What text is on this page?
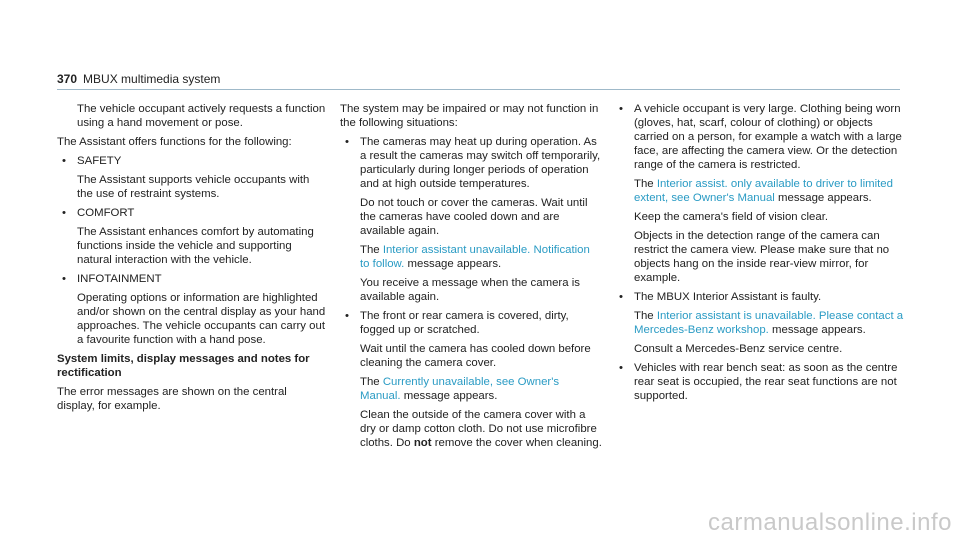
370 MBUX multimedia system

The vehicle occupant actively requests a function using a hand movement or pose.

The Assistant offers functions for the following:

• SAFETY

The Assistant supports vehicle occupants with the use of restraint systems.

• COMFORT

The Assistant enhances comfort by automating functions inside the vehicle and supporting natural interaction with the vehicle.

• INFOTAINMENT

Operating options or information are highlighted and/or shown on the central display as your hand approaches. The vehicle occupants can carry out a favourite function with a hand pose.

System limits, display messages and notes for rectification

The error messages are shown on the central display, for example.

The system may be impaired or may not function in the following situations:

• The cameras may heat up during operation. As a result the cameras may switch off temporarily, particularly during longer periods of operation and at high outside temperatures.

Do not touch or cover the cameras. Wait until the cameras have cooled down and are available again.

The Interior assistant unavailable. Notification to follow. message appears.

You receive a message when the camera is available again.

• The front or rear camera is covered, dirty, fogged up or scratched.

Wait until the camera has cooled down before cleaning the camera cover.

The Currently unavailable, see Owner's Manual. message appears.

Clean the outside of the camera cover with a dry or damp cotton cloth. Do not use microfibre cloths. Do not remove the cover when cleaning.

• A vehicle occupant is very large. Clothing being worn (gloves, hat, scarf, colour of clothing) or objects carried on a person, for example a watch with a large face, are affecting the camera view. Or the detection range of the camera is restricted.

The Interior assist. only available to driver to limited extent, see Owner's Manual message appears.

Keep the camera's field of vision clear.

Objects in the detection range of the camera can restrict the camera view. Please make sure that no objects hang on the inside rear-view mirror, for example.

• The MBUX Interior Assistant is faulty.

The Interior assistant is unavailable. Please contact a Mercedes-Benz workshop. message appears.

Consult a Mercedes-Benz service centre.

• Vehicles with rear bench seat: as soon as the centre rear seat is occupied, the rear seat functions are not supported.
carmanualsonline.info
